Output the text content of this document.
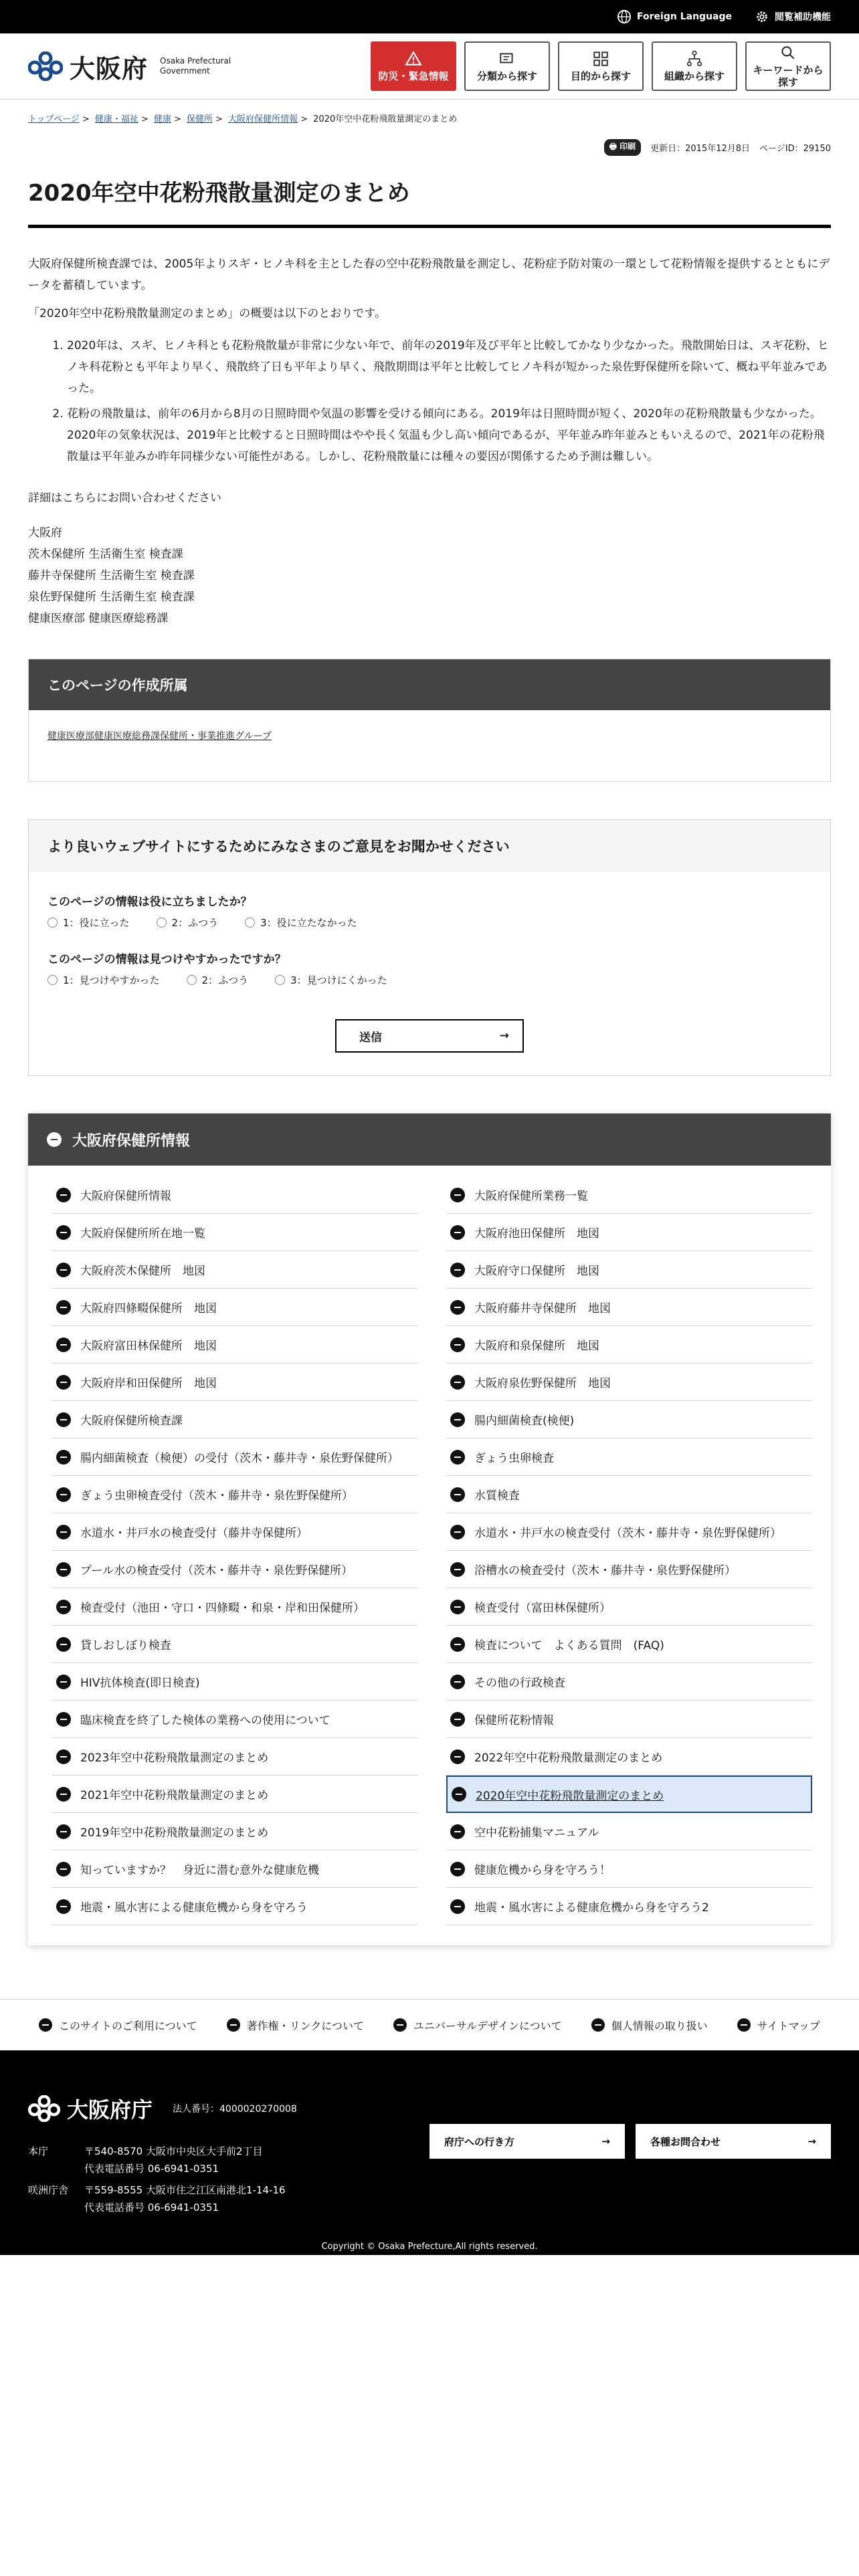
Foreign Language	閲覧補助機能
大阪府 Osaka Prefectural
Government	防災・緊急情報	分類から探す	目的から探す	組織から探す	キーワードから
探す
トップページ > 健康・福祉 > 健康 > 保健所 > 大阪府保健所情報 > 2020年空中花粉飛散量測定のまとめ
🖶 印刷	更新日：2015年12月8日 ページID：29150
2020年空中花粉飛散量測定のまとめ

大阪府保健所検査課では、2005年よりスギ・ヒノキ科を主とした春の空中花粉飛散量を測定し、花粉症予防対策の一環として花粉情報を提供するとともにデータを蓄積しています。

「2020年空中花粉飛散量測定のまとめ」の概要は以下のとおりです。

1. 2020年は、スギ、ヒノキ科とも花粉飛散量が非常に少ない年で、前年の2019年及び平年と比較してかなり少なかった。飛散開始日は、スギ花粉、ヒノキ科花粉とも平年より早く、飛散終了日も平年より早く、飛散期間は平年と比較してヒノキ科が短かった泉佐野保健所を除いて、概ね平年並みであった。
2. 花粉の飛散量は、前年の6月から8月の日照時間や気温の影響を受ける傾向にある。2019年は日照時間が短く、2020年の花粉飛散量も少なかった。2020年の気象状況は、2019年と比較すると日照時間はやや長く気温も少し高い傾向であるが、平年並み昨年並みともいえるので、2021年の花粉飛散量は平年並みか昨年同様少ない可能性がある。しかし、花粉飛散量には種々の要因が関係するため予測は難しい。

詳細はこちらにお問い合わせください

大阪府
茨木保健所 生活衛生室 検査課
藤井寺保健所 生活衛生室 検査課
泉佐野保健所 生活衛生室 検査課
健康医療部 健康医療総務課
このページの作成所属
健康医療部健康医療総務課保健所・事業推進グループ
より良いウェブサイトにするためにみなさまのご意見をお聞かせください
このページの情報は役に立ちましたか？
1：役に立った	2：ふつう	3：役に立たなかった
このページの情報は見つけやすかったですか？
1：見つけやすかった	2：ふつう	3：見つけにくかった
送信	→
大阪府保健所情報
大阪府保健所情報	大阪府保健所業務一覧
大阪府保健所所在地一覧	大阪府池田保健所　地図
大阪府茨木保健所　地図	大阪府守口保健所　地図
大阪府四條畷保健所　地図	大阪府藤井寺保健所　地図
大阪府富田林保健所　地図	大阪府和泉保健所　地図
大阪府岸和田保健所　地図	大阪府泉佐野保健所　地図
大阪府保健所検査課	腸内細菌検査(検便)
腸内細菌検査（検便）の受付（茨木・藤井寺・泉佐野保健所）	ぎょう虫卵検査
ぎょう虫卵検査受付（茨木・藤井寺・泉佐野保健所）	水質検査
水道水・井戸水の検査受付（藤井寺保健所）	水道水・井戸水の検査受付（茨木・藤井寺・泉佐野保健所）
プール水の検査受付（茨木・藤井寺・泉佐野保健所）	浴槽水の検査受付（茨木・藤井寺・泉佐野保健所）
検査受付（池田・守口・四條畷・和泉・岸和田保健所）	検査受付（富田林保健所）
貸しおしぼり検査	検査について　よくある質問　(FAQ)
HIV抗体検査(即日検査)	その他の行政検査
臨床検査を終了した検体の業務への使用について	保健所花粉情報
2023年空中花粉飛散量測定のまとめ	2022年空中花粉飛散量測定のまとめ
2021年空中花粉飛散量測定のまとめ	2020年空中花粉飛散量測定のまとめ
2019年空中花粉飛散量測定のまとめ	空中花粉捕集マニュアル
知っていますか？　身近に潜む意外な健康危機	健康危機から身を守ろう！
地震・風水害による健康危機から身を守ろう	地震・風水害による健康危機から身を守ろう2
このサイトのご利用について	著作権・リンクについて	ユニバーサルデザインについて	個人情報の取り扱い	サイトマップ
大阪府庁 法人番号：4000020270008
本庁	〒540-8570 大阪市中央区大手前2丁目
代表電話番号 06-6941-0351
咲洲庁舎	〒559-8555 大阪市住之江区南港北1-14-16
代表電話番号 06-6941-0351
府庁への行き方	→	各種お問合わせ	→
Copyright © Osaka Prefecture,All rights reserved.
